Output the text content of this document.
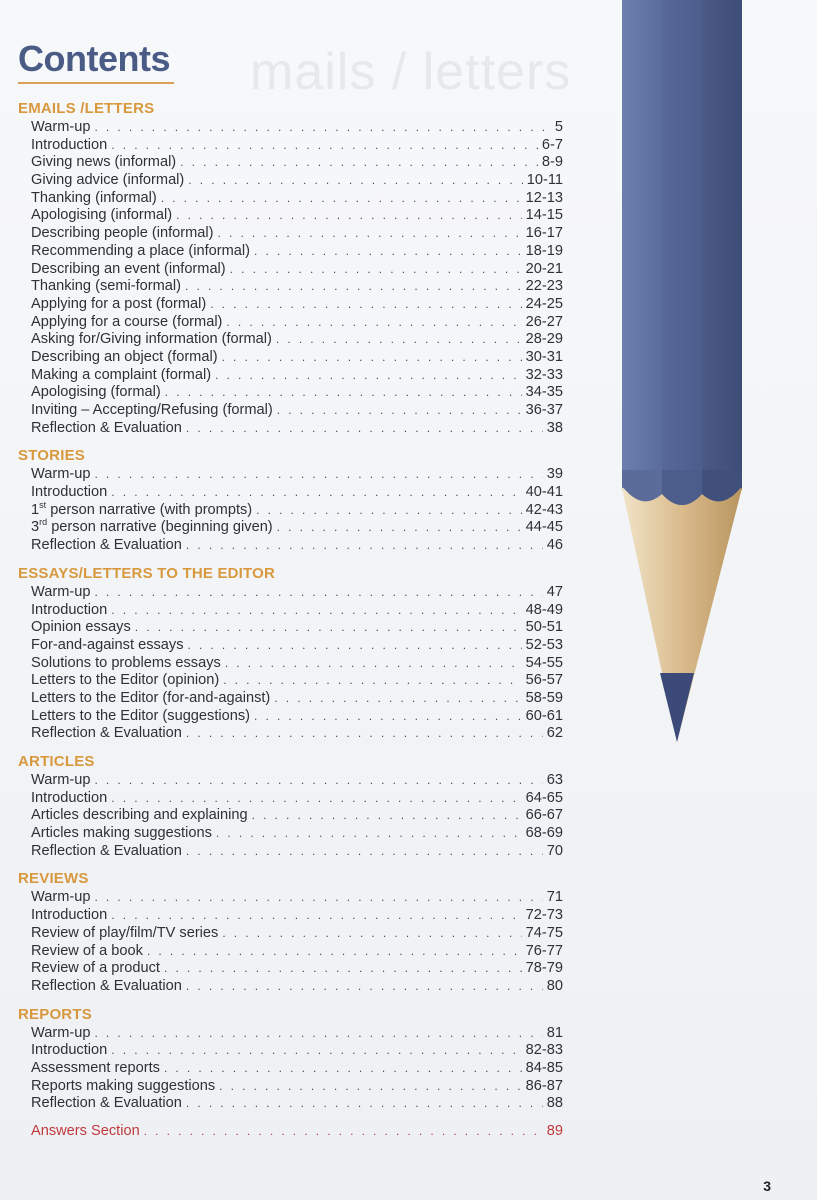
mails / letters
Contents
EMAILS /LETTERS
Warm-up . . .	5
Introduction . . .	6-7
Giving news (informal) . . .	8-9
Giving advice (informal) . . .	10-11
Thanking (informal) . . .	12-13
Apologising (informal) . . .	14-15
Describing people (informal) . . .	16-17
Recommending a place (informal) . . .	18-19
Describing an event (informal) . . .	20-21
Thanking (semi-formal) . . .	22-23
Applying for a post (formal) . . .	24-25
Applying for a course (formal) . . .	26-27
Asking for/Giving information (formal) . . .	28-29
Describing an object (formal) . . .	30-31
Making a complaint (formal) . . .	32-33
Apologising (formal) . . .	34-35
Inviting – Accepting/Refusing (formal) . . .	36-37
Reflection & Evaluation . . .	38
STORIES
Warm-up . . .	39
Introduction . . .	40-41
1st person narrative (with prompts) . . .	42-43
3rd person narrative (beginning given) . . .	44-45
Reflection & Evaluation . . .	46
ESSAYS/LETTERS TO THE EDITOR
Warm-up . . .	47
Introduction . . .	48-49
Opinion essays . . .	50-51
For-and-against essays . . .	52-53
Solutions to problems essays . . .	54-55
Letters to the Editor (opinion) . . .	56-57
Letters to the Editor (for-and-against) . . .	58-59
Letters to the Editor (suggestions) . . .	60-61
Reflection & Evaluation . . .	62
ARTICLES
Warm-up . . .	63
Introduction . . .	64-65
Articles describing and explaining . . .	66-67
Articles making suggestions . . .	68-69
Reflection & Evaluation . . .	70
REVIEWS
Warm-up . . .	71
Introduction . . .	72-73
Review of play/film/TV series . . .	74-75
Review of a book . . .	76-77
Review of a product . . .	78-79
Reflection & Evaluation . . .	80
REPORTS
Warm-up . . .	81
Introduction . . .	82-83
Assessment reports . . .	84-85
Reports making suggestions . . .	86-87
Reflection & Evaluation . . .	88
Answers Section . . .	89
3
